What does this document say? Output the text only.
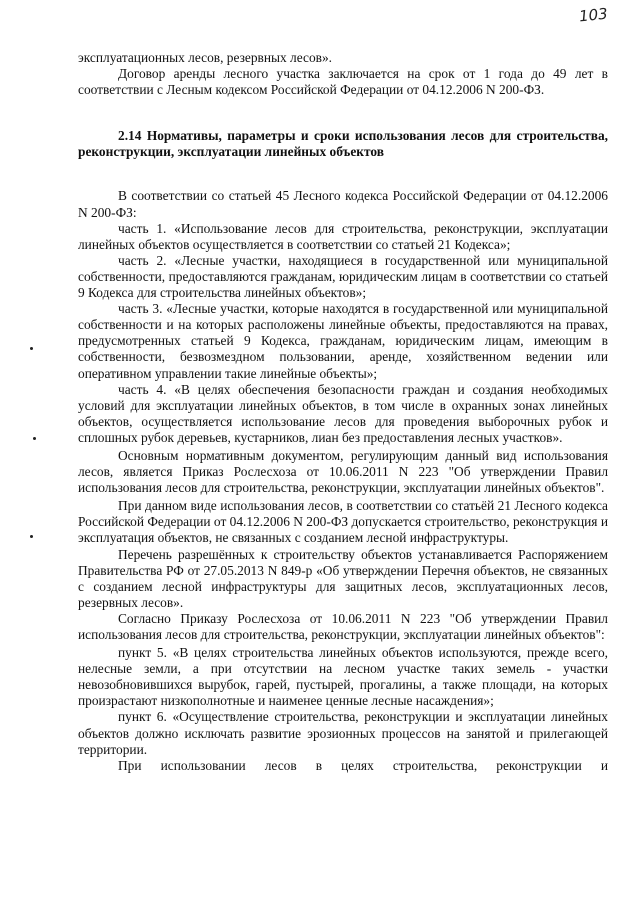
103

эксплуатационных лесов, резервных лесов».

Договор аренды лесного участка заключается на срок от 1 года до 49 лет в соответствии с Лесным кодексом Российской Федерации от 04.12.2006 N 200-ФЗ.

2.14 Нормативы, параметры и сроки использования лесов для строительства, реконструкции, эксплуатации линейных объектов

В соответствии со статьей 45 Лесного кодекса Российской Федерации от 04.12.2006 N 200-ФЗ:

часть 1. «Использование лесов для строительства, реконструкции, эксплуатации линейных объектов осуществляется в соответствии со статьей 21 Кодекса»;

часть 2. «Лесные участки, находящиеся в государственной или муниципальной собственности, предоставляются гражданам, юридическим лицам в соответствии со статьей 9 Кодекса для строительства линейных объектов»;

часть 3. «Лесные участки, которые находятся в государственной или муниципальной собственности и на которых расположены линейные объекты, предоставляются на правах, предусмотренных статьей 9 Кодекса, гражданам, юридическим лицам, имеющим в собственности, безвозмездном пользовании, аренде, хозяйственном ведении или оперативном управлении такие линейные объекты»;

часть 4. «В целях обеспечения безопасности граждан и создания необходимых условий для эксплуатации линейных объектов, в том числе в охранных зонах линейных объектов, осуществляется использование лесов для проведения выборочных рубок и сплошных рубок деревьев, кустарников, лиан без предоставления лесных участков».

Основным нормативным документом, регулирующим данный вид использования лесов, является Приказ Рослесхоза от 10.06.2011 N 223 "Об утверждении Правил использования лесов для строительства, реконструкции, эксплуатации линейных объектов".

При данном виде использования лесов, в соответствии со статьёй 21 Лесного кодекса Российской Федерации от 04.12.2006 N 200-ФЗ допускается строительство, реконструкция и эксплуатация объектов, не связанных с созданием лесной инфраструктуры.

Перечень разрешённых к строительству объектов устанавливается Распоряжением Правительства РФ от 27.05.2013 N 849-р «Об утверждении Перечня объектов, не связанных с созданием лесной инфраструктуры для защитных лесов, эксплуатационных лесов, резервных лесов».

Согласно Приказу Рослесхоза от 10.06.2011 N 223 "Об утверждении Правил использования лесов для строительства, реконструкции, эксплуатации линейных объектов":

пункт 5. «В целях строительства линейных объектов используются, прежде всего, нелесные земли, а при отсутствии на лесном участке таких земель - участки невозобновившихся вырубок, гарей, пустырей, прогалины, а также площади, на которых произрастают низкополнотные и наименее ценные лесные насаждения»;

пункт 6. «Осуществление строительства, реконструкции и эксплуатации линейных объектов должно исключать развитие эрозионных процессов на занятой и прилегающей территории.

При использовании лесов в целях строительства, реконструкции и
